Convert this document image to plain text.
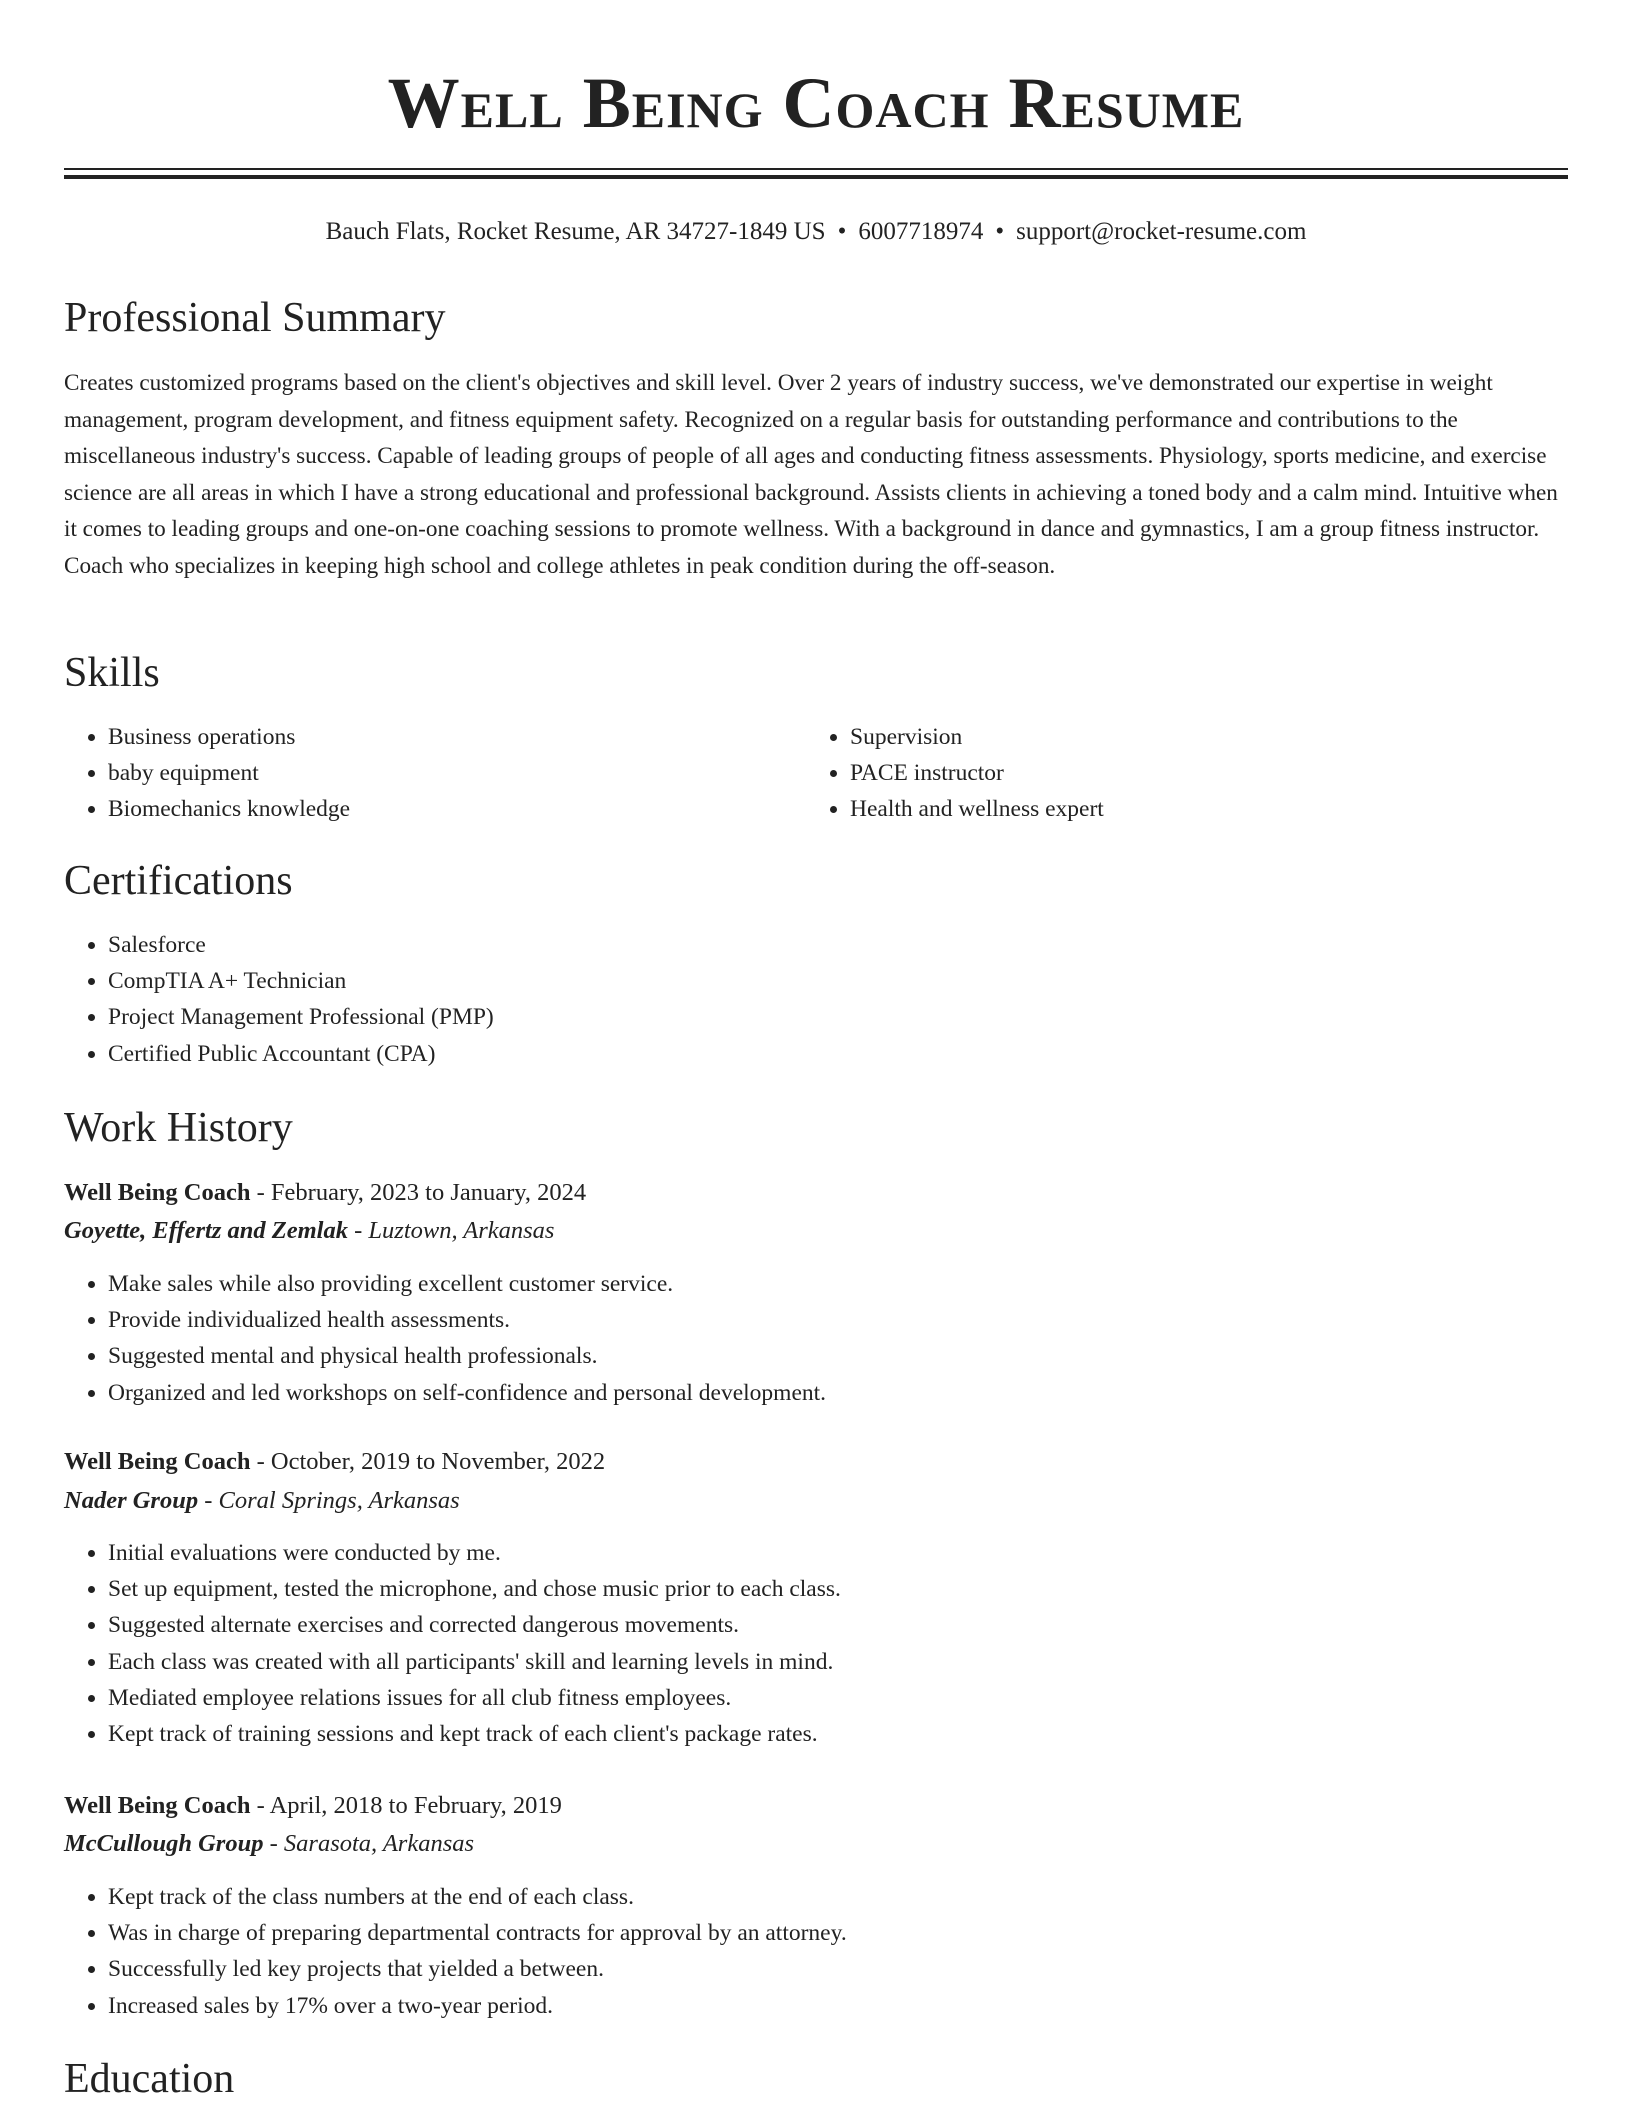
Well Being Coach Resume
Bauch Flats, Rocket Resume, AR 34727-1849 US • 6007718974 • support@rocket-resume.com
Professional Summary

Creates customized programs based on the client's objectives and skill level. Over 2 years of industry success, we've demonstrated our expertise in weight management, program development, and fitness equipment safety. Recognized on a regular basis for outstanding performance and contributions to the miscellaneous industry's success. Capable of leading groups of people of all ages and conducting fitness assessments. Physiology, sports medicine, and exercise science are all areas in which I have a strong educational and professional background. Assists clients in achieving a toned body and a calm mind. Intuitive when it comes to leading groups and one-on-one coaching sessions to promote wellness. With a background in dance and gymnastics, I am a group fitness instructor. Coach who specializes in keeping high school and college athletes in peak condition during the off-season.

Skills
• Business operations
• baby equipment
• Biomechanics knowledge
• Supervision
• PACE instructor
• Health and wellness expert
Certifications
• Salesforce
• CompTIA A+ Technician
• Project Management Professional (PMP)
• Certified Public Accountant (CPA)
Work History
Well Being Coach - February, 2023 to January, 2024
Goyette, Effertz and Zemlak - Luztown, Arkansas
• Make sales while also providing excellent customer service.
• Provide individualized health assessments.
• Suggested mental and physical health professionals.
• Organized and led workshops on self-confidence and personal development.
Well Being Coach - October, 2019 to November, 2022
Nader Group - Coral Springs, Arkansas
• Initial evaluations were conducted by me.
• Set up equipment, tested the microphone, and chose music prior to each class.
• Suggested alternate exercises and corrected dangerous movements.
• Each class was created with all participants' skill and learning levels in mind.
• Mediated employee relations issues for all club fitness employees.
• Kept track of training sessions and kept track of each client's package rates.
Well Being Coach - April, 2018 to February, 2019
McCullough Group - Sarasota, Arkansas
• Kept track of the class numbers at the end of each class.
• Was in charge of preparing departmental contracts for approval by an attorney.
• Successfully led key projects that yielded a between.
• Increased sales by 17% over a two-year period.
Education
